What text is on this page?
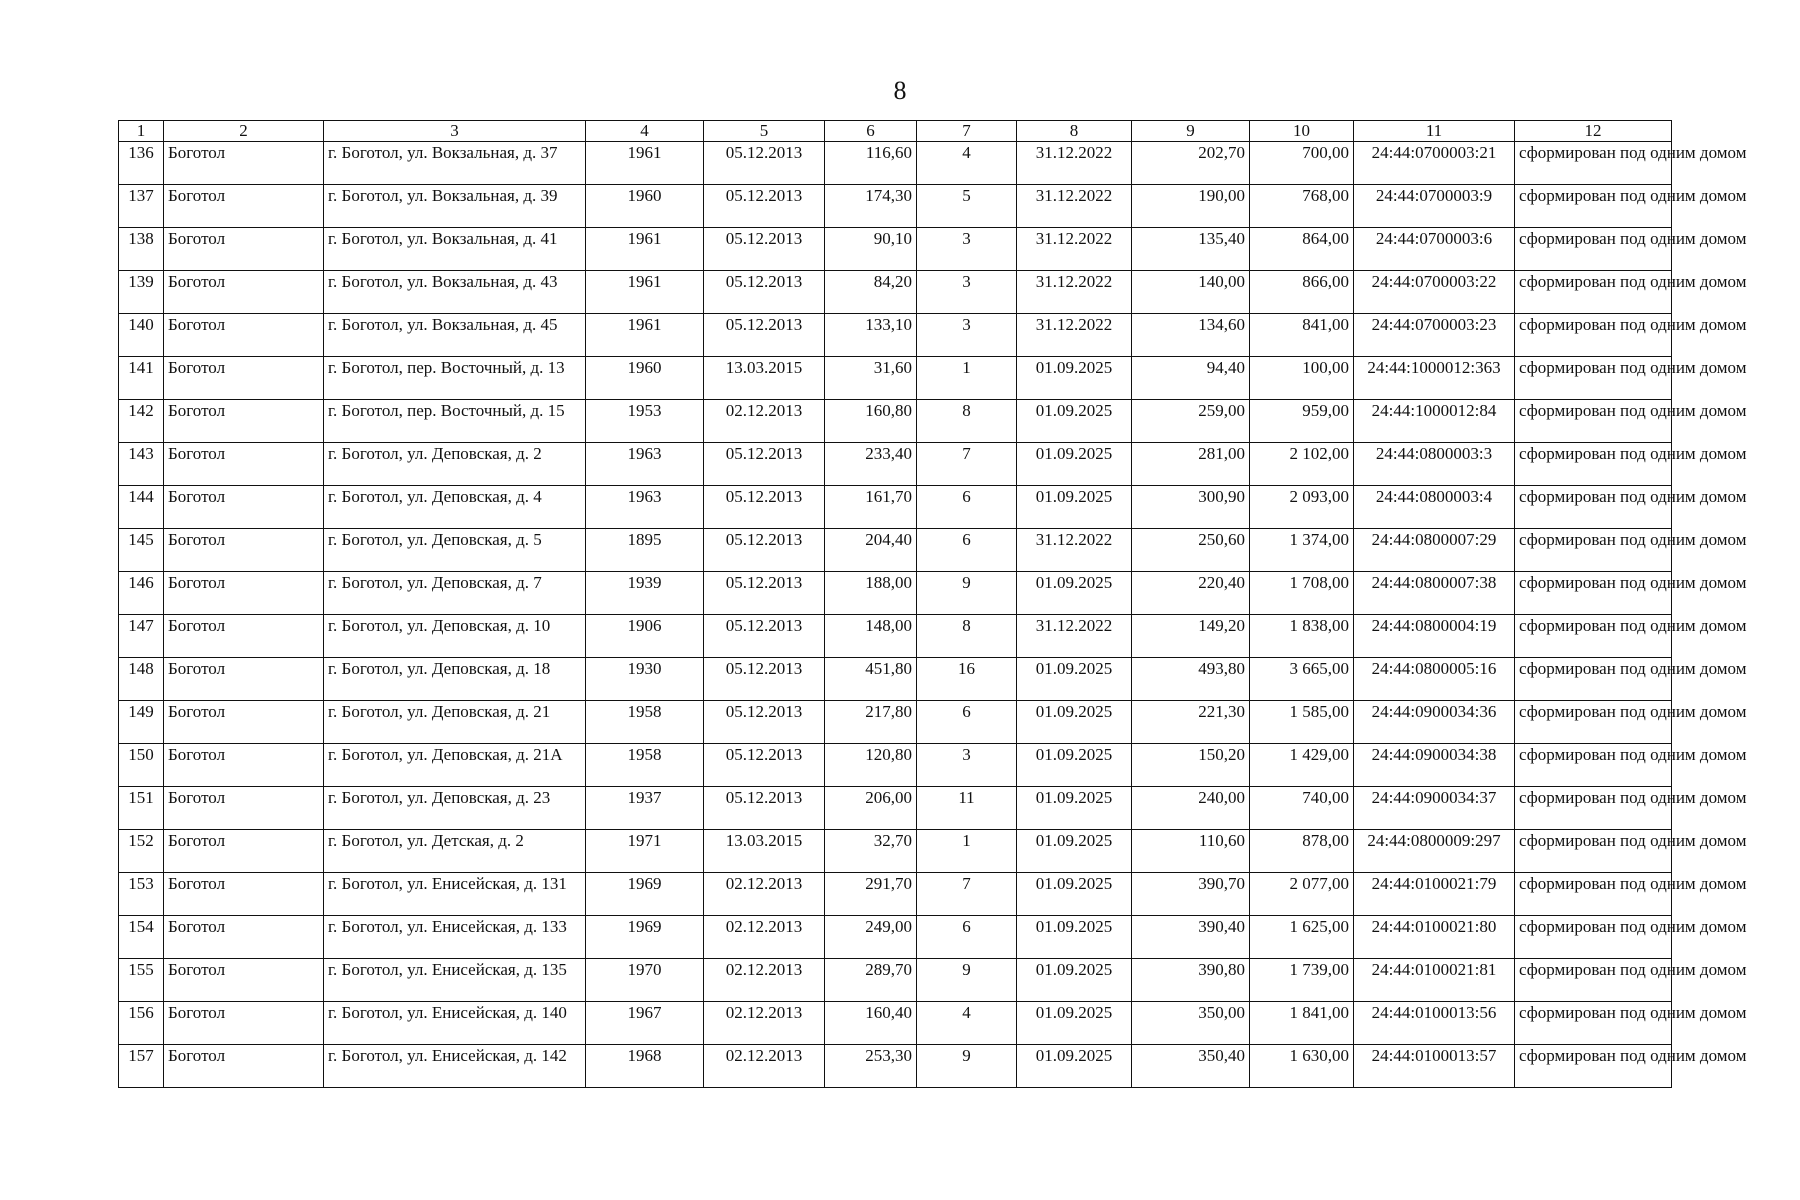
8
1	2	3	4	5	6	7	8	9	10	11	12
136	Боготол	г. Боготол, ул. Вокзальная, д. 37	1961	05.12.2013	116,60	4	31.12.2022	202,70	700,00	24:44:0700003:21	сформирован под одним домом
137	Боготол	г. Боготол, ул. Вокзальная, д. 39	1960	05.12.2013	174,30	5	31.12.2022	190,00	768,00	24:44:0700003:9	сформирован под одним домом
138	Боготол	г. Боготол, ул. Вокзальная, д. 41	1961	05.12.2013	90,10	3	31.12.2022	135,40	864,00	24:44:0700003:6	сформирован под одним домом
139	Боготол	г. Боготол, ул. Вокзальная, д. 43	1961	05.12.2013	84,20	3	31.12.2022	140,00	866,00	24:44:0700003:22	сформирован под одним домом
140	Боготол	г. Боготол, ул. Вокзальная, д. 45	1961	05.12.2013	133,10	3	31.12.2022	134,60	841,00	24:44:0700003:23	сформирован под одним домом
141	Боготол	г. Боготол, пер. Восточный, д. 13	1960	13.03.2015	31,60	1	01.09.2025	94,40	100,00	24:44:1000012:363	сформирован под одним домом
142	Боготол	г. Боготол, пер. Восточный, д. 15	1953	02.12.2013	160,80	8	01.09.2025	259,00	959,00	24:44:1000012:84	сформирован под одним домом
143	Боготол	г. Боготол, ул. Деповская, д. 2	1963	05.12.2013	233,40	7	01.09.2025	281,00	2 102,00	24:44:0800003:3	сформирован под одним домом
144	Боготол	г. Боготол, ул. Деповская, д. 4	1963	05.12.2013	161,70	6	01.09.2025	300,90	2 093,00	24:44:0800003:4	сформирован под одним домом
145	Боготол	г. Боготол, ул. Деповская, д. 5	1895	05.12.2013	204,40	6	31.12.2022	250,60	1 374,00	24:44:0800007:29	сформирован под одним домом
146	Боготол	г. Боготол, ул. Деповская, д. 7	1939	05.12.2013	188,00	9	01.09.2025	220,40	1 708,00	24:44:0800007:38	сформирован под одним домом
147	Боготол	г. Боготол, ул. Деповская, д. 10	1906	05.12.2013	148,00	8	31.12.2022	149,20	1 838,00	24:44:0800004:19	сформирован под одним домом
148	Боготол	г. Боготол, ул. Деповская, д. 18	1930	05.12.2013	451,80	16	01.09.2025	493,80	3 665,00	24:44:0800005:16	сформирован под одним домом
149	Боготол	г. Боготол, ул. Деповская, д. 21	1958	05.12.2013	217,80	6	01.09.2025	221,30	1 585,00	24:44:0900034:36	сформирован под одним домом
150	Боготол	г. Боготол, ул. Деповская, д. 21А	1958	05.12.2013	120,80	3	01.09.2025	150,20	1 429,00	24:44:0900034:38	сформирован под одним домом
151	Боготол	г. Боготол, ул. Деповская, д. 23	1937	05.12.2013	206,00	11	01.09.2025	240,00	740,00	24:44:0900034:37	сформирован под одним домом
152	Боготол	г. Боготол, ул. Детская, д. 2	1971	13.03.2015	32,70	1	01.09.2025	110,60	878,00	24:44:0800009:297	сформирован под одним домом
153	Боготол	г. Боготол, ул. Енисейская, д. 131	1969	02.12.2013	291,70	7	01.09.2025	390,70	2 077,00	24:44:0100021:79	сформирован под одним домом
154	Боготол	г. Боготол, ул. Енисейская, д. 133	1969	02.12.2013	249,00	6	01.09.2025	390,40	1 625,00	24:44:0100021:80	сформирован под одним домом
155	Боготол	г. Боготол, ул. Енисейская, д. 135	1970	02.12.2013	289,70	9	01.09.2025	390,80	1 739,00	24:44:0100021:81	сформирован под одним домом
156	Боготол	г. Боготол, ул. Енисейская, д. 140	1967	02.12.2013	160,40	4	01.09.2025	350,00	1 841,00	24:44:0100013:56	сформирован под одним домом
157	Боготол	г. Боготол, ул. Енисейская, д. 142	1968	02.12.2013	253,30	9	01.09.2025	350,40	1 630,00	24:44:0100013:57	сформирован под одним домом
